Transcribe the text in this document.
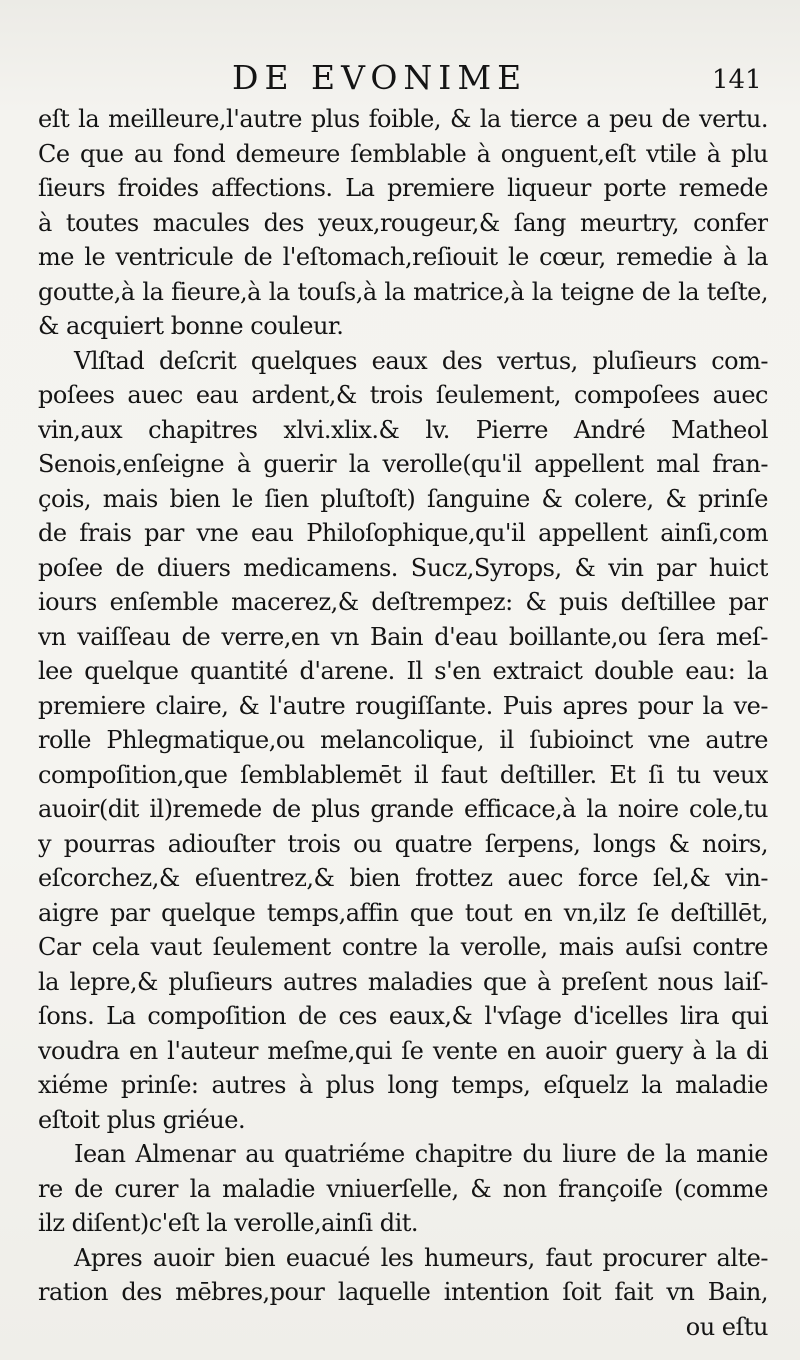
DE EVONIME	141
eſt la meilleure,l'autre plus foible, & la tierce a peu de vertu.
Ce que au fond demeure ſemblable à onguent,eſt vtile à plu
ſieurs froides affections. La premiere liqueur porte remede
à toutes macules des yeux,rougeur,& ſang meurtry, confer
me le ventricule de l'eſtomach,reſiouit le cœur, remedie à la
goutte,à la fieure,à la touſs,à la matrice,à la teigne de la teſte,
& acquiert bonne couleur.
Vlſtad deſcrit quelques eaux des vertus, pluſieurs com-
poſees auec eau ardent,& trois ſeulement, compoſees auec
vin,aux chapitres xlvi.xlix.& lv. Pierre André Matheol
Senois,enſeigne à guerir la verolle(qu'il appellent mal fran-
çois, mais bien le ſien pluſtoſt) ſanguine & colere, & prinſe
de frais par vne eau Philoſophique,qu'il appellent ainſi,com
poſee de diuers medicamens. Sucz,Syrops, & vin par huict
iours enſemble macerez,& deſtrempez: & puis deſtillee par
vn vaiſſeau de verre,en vn Bain d'eau boillante,ou ſera meſ-
lee quelque quantité d'arene. Il s'en extraict double eau: la
premiere claire, & l'autre rougiſſante. Puis apres pour la ve-
rolle Phlegmatique,ou melancolique, il ſubioinct vne autre
compoſition,que ſemblablemēt il faut deſtiller. Et ſi tu veux
auoir(dit il)remede de plus grande efficace,à la noire cole,tu
y pourras adiouſter trois ou quatre ſerpens, longs & noirs,
eſcorchez,& eſuentrez,& bien frottez auec force ſel,& vin-
aigre par quelque temps,affin que tout en vn,ilz ſe deſtillēt,
Car cela vaut ſeulement contre la verolle, mais auſsi contre
la lepre,& pluſieurs autres maladies que à preſent nous laiſ-
ſons. La compoſition de ces eaux,& l'vſage d'icelles lira qui
voudra en l'auteur meſme,qui ſe vente en auoir guery à la di
xiéme prinſe: autres à plus long temps, eſquelz la maladie
eſtoit plus griéue.
Iean Almenar au quatriéme chapitre du liure de la manie
re de curer la maladie vniuerſelle, & non françoiſe (comme
ilz diſent)c'eſt la verolle,ainſi dit.
Apres auoir bien euacué les humeurs, faut procurer alte-
ration des mēbres,pour laquelle intention ſoit fait vn Bain,
ou eſtu
